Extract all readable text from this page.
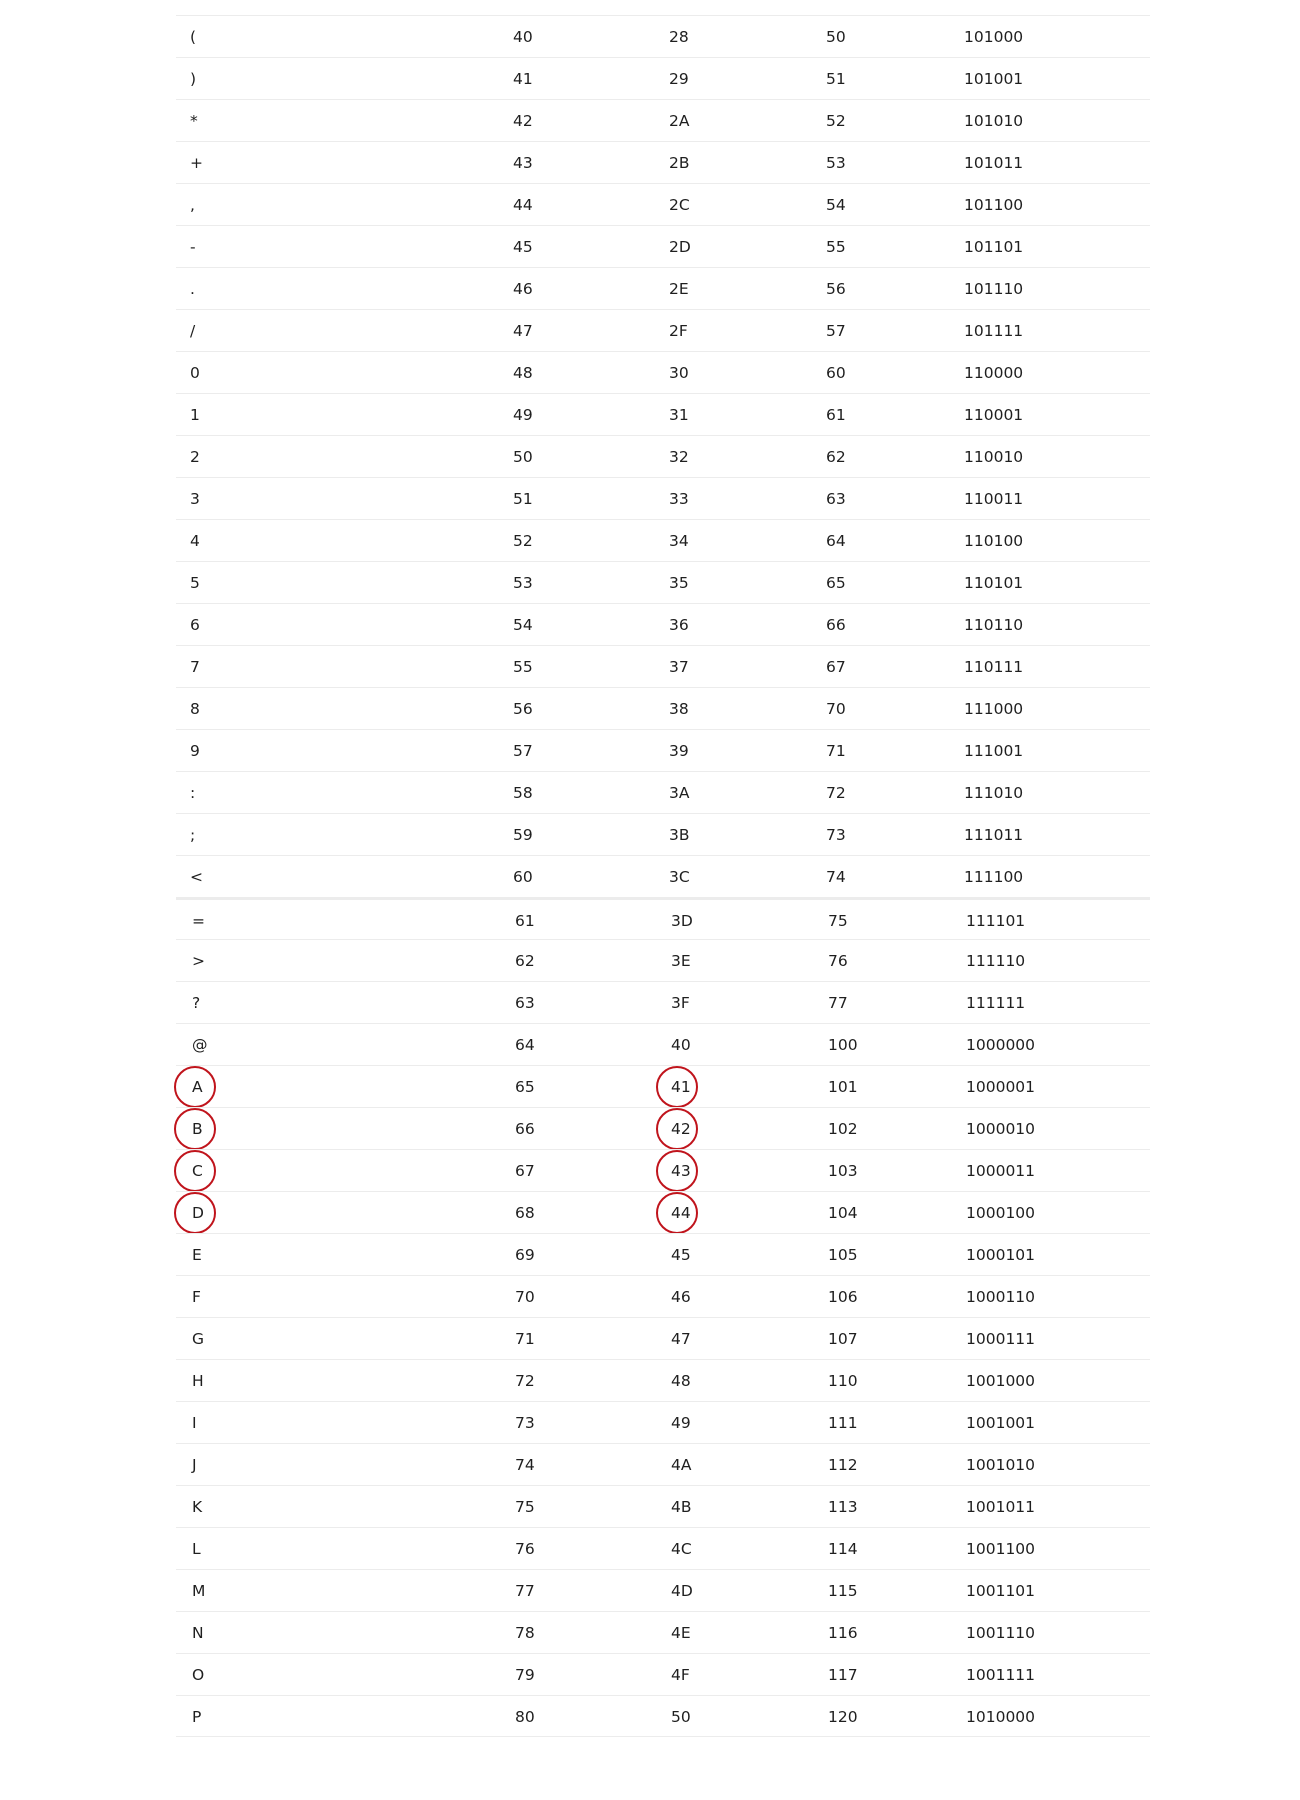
(	40	28	50	101000
)	41	29	51	101001
*	42	2A	52	101010
+	43	2B	53	101011
,	44	2C	54	101100
-	45	2D	55	101101
.	46	2E	56	101110
/	47	2F	57	101111
0	48	30	60	110000
1	49	31	61	110001
2	50	32	62	110010
3	51	33	63	110011
4	52	34	64	110100
5	53	35	65	110101
6	54	36	66	110110
7	55	37	67	110111
8	56	38	70	111000
9	57	39	71	111001
:	58	3A	72	111010
;	59	3B	73	111011
<	60	3C	74	111100
=	61	3D	75	111101
>	62	3E	76	111110
?	63	3F	77	111111
@	64	40	100	1000000
A	65	41	101	1000001
B	66	42	102	1000010
C	67	43	103	1000011
D	68	44	104	1000100
E	69	45	105	1000101
F	70	46	106	1000110
G	71	47	107	1000111
H	72	48	110	1001000
I	73	49	111	1001001
J	74	4A	112	1001010
K	75	4B	113	1001011
L	76	4C	114	1001100
M	77	4D	115	1001101
N	78	4E	116	1001110
O	79	4F	117	1001111
P	80	50	120	1010000
